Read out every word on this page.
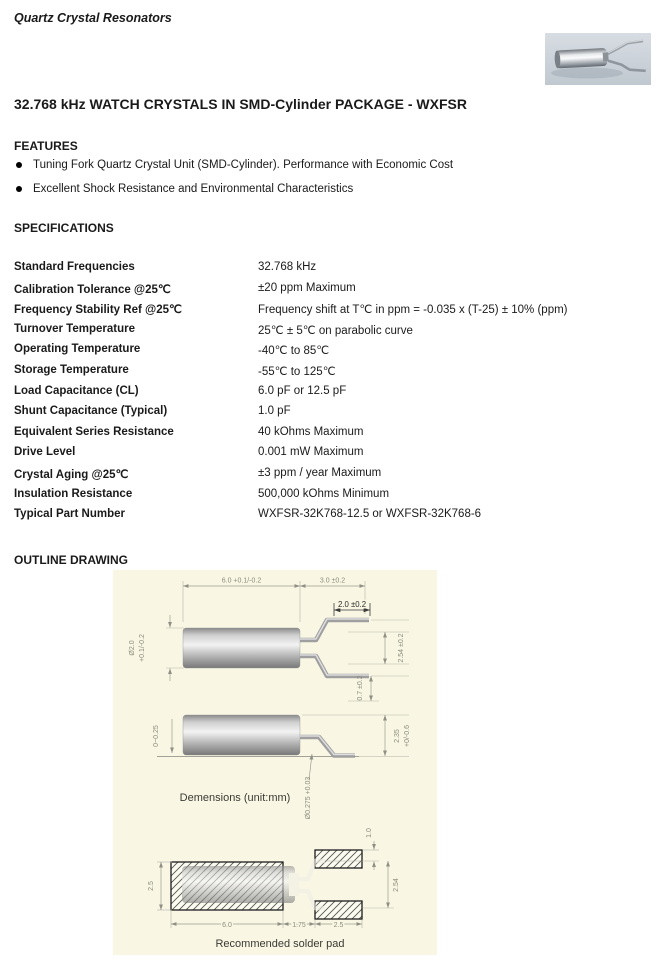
Quartz Crystal Resonators
32.768 kHz WATCH CRYSTALS IN SMD-Cylinder PACKAGE - WXFSR
FEATURES
Tuning Fork Quartz Crystal Unit (SMD-Cylinder). Performance with Economic Cost
Excellent Shock Resistance and Environmental Characteristics
SPECIFICATIONS
Standard Frequencies	32.768 kHz
Calibration Tolerance @25℃	±20 ppm Maximum
Frequency Stability Ref @25℃	Frequency shift at T℃ in ppm = -0.035 x (T-25) ± 10% (ppm)
Turnover Temperature	25℃ ± 5℃ on parabolic curve
Operating Temperature	-40℃ to 85℃
Storage Temperature	-55℃ to 125℃
Load Capacitance (CL)	6.0 pF or 12.5 pF
Shunt Capacitance (Typical)	1.0 pF
Equivalent Series Resistance	40 kOhms Maximum
Drive Level	0.001 mW Maximum
Crystal Aging @25℃	±3 ppm / year Maximum
Insulation Resistance	500,000 kOhms Minimum
Typical Part Number	WXFSR-32K768-12.5 or WXFSR-32K768-6
OUTLINE DRAWING
6.0 +0.1/-0.2	3.0 ±0.2
2.0 ±0.2
Ø2.0 +0.1/-0.2	2.54 ±0.2
0.7 ±0.2
0~0.25	2.35 +0/-0.6
Ø0.275 +0.03
Demensions (unit:mm)
2.5
6.0	1.75	2.5
1.0
2.54
Recommended solder pad
